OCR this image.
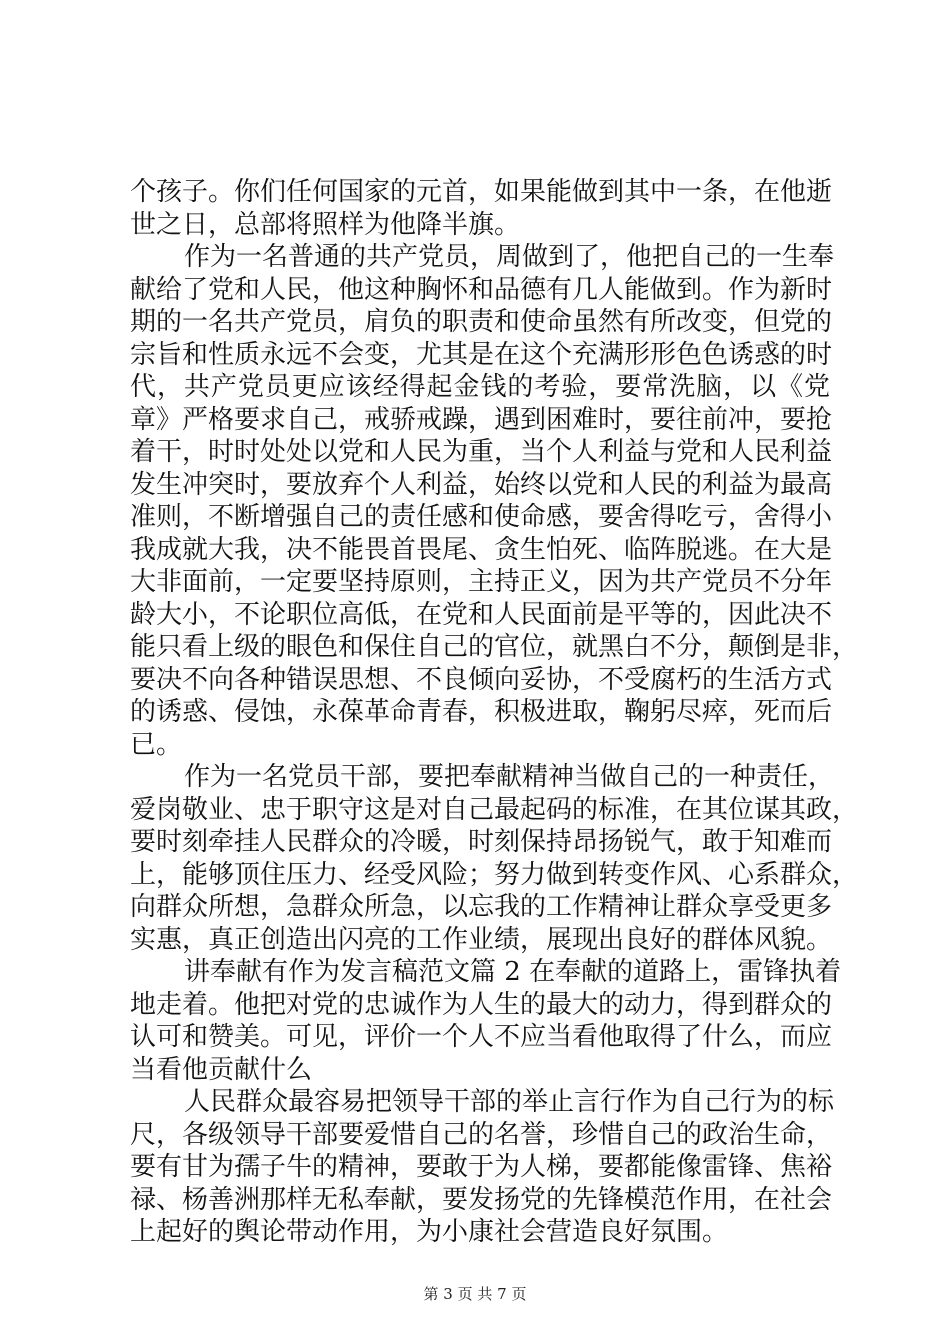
个孩子。你们任何国家的元首，如果能做到其中一条，在他逝
世之日，总部将照样为他降半旗。
作为一名普通的共产党员，周做到了，他把自己的一生奉
献给了党和人民，他这种胸怀和品德有几人能做到。作为新时
期的一名共产党员，肩负的职责和使命虽然有所改变，但党的
宗旨和性质永远不会变，尤其是在这个充满形形色色诱惑的时
代，共产党员更应该经得起金钱的考验，要常洗脑，以《党
章》严格要求自己，戒骄戒躁，遇到困难时，要往前冲，要抢
着干，时时处处以党和人民为重，当个人利益与党和人民利益
发生冲突时，要放弃个人利益，始终以党和人民的利益为最高
准则，不断增强自己的责任感和使命感，要舍得吃亏，舍得小
我成就大我，决不能畏首畏尾、贪生怕死、临阵脱逃。在大是
大非面前，一定要坚持原则，主持正义，因为共产党员不分年
龄大小，不论职位高低，在党和人民面前是平等的，因此决不
能只看上级的眼色和保住自己的官位，就黑白不分，颠倒是非，
要决不向各种错误思想、不良倾向妥协，不受腐朽的生活方式
的诱惑、侵蚀，永葆革命青春，积极进取，鞠躬尽瘁，死而后
已。
作为一名党员干部，要把奉献精神当做自己的一种责任，
爱岗敬业、忠于职守这是对自己最起码的标准，在其位谋其政，
要时刻牵挂人民群众的冷暖，时刻保持昂扬锐气，敢于知难而
上，能够顶住压力、经受风险；努力做到转变作风、心系群众，
向群众所想，急群众所急，以忘我的工作精神让群众享受更多
实惠，真正创造出闪亮的工作业绩，展现出良好的群体风貌。
讲奉献有作为发言稿范文篇 2 在奉献的道路上，雷锋执着
地走着。他把对党的忠诚作为人生的最大的动力，得到群众的
认可和赞美。可见，评价一个人不应当看他取得了什么，而应
当看他贡献什么
人民群众最容易把领导干部的举止言行作为自己行为的标
尺，各级领导干部要爱惜自己的名誉，珍惜自己的政治生命，
要有甘为孺子牛的精神，要敢于为人梯，要都能像雷锋、焦裕
禄、杨善洲那样无私奉献，要发扬党的先锋模范作用，在社会
上起好的舆论带动作用，为小康社会营造良好氛围。
第 3 页 共 7 页
